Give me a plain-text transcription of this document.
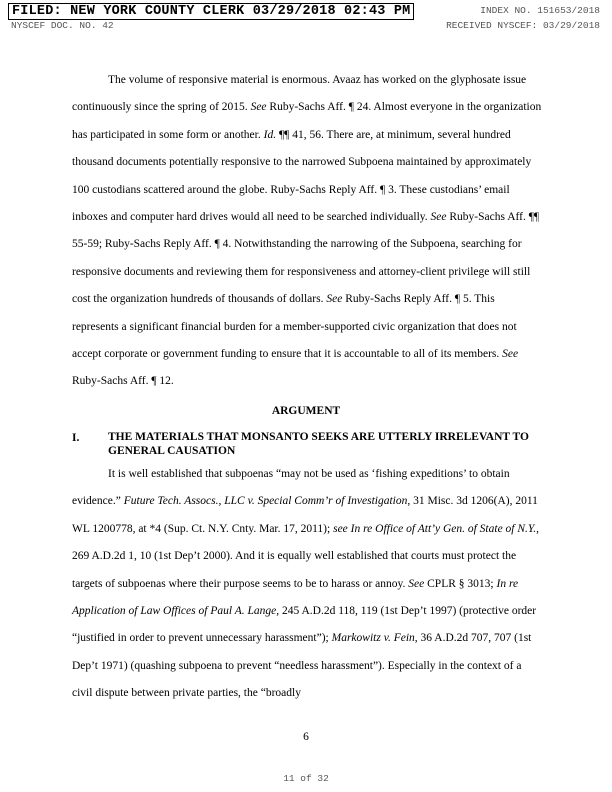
FILED: NEW YORK COUNTY CLERK 03/29/2018 02:43 PM	INDEX NO. 151653/2018
NYSCEF DOC. NO. 42	RECEIVED NYSCEF: 03/29/2018

The volume of responsive material is enormous. Avaaz has worked on the glyphosate issue continuously since the spring of 2015. See Ruby-Sachs Aff. ¶ 24. Almost everyone in the organization has participated in some form or another. Id. ¶¶ 41, 56. There are, at minimum, several hundred thousand documents potentially responsive to the narrowed Subpoena maintained by approximately 100 custodians scattered around the globe. Ruby-Sachs Reply Aff. ¶ 3. These custodians’ email inboxes and computer hard drives would all need to be searched individually. See Ruby-Sachs Aff. ¶¶ 55-59; Ruby-Sachs Reply Aff. ¶ 4. Notwithstanding the narrowing of the Subpoena, searching for responsive documents and reviewing them for responsiveness and attorney-client privilege will still cost the organization hundreds of thousands of dollars. See Ruby-Sachs Reply Aff. ¶ 5. This represents a significant financial burden for a member-supported civic organization that does not accept corporate or government funding to ensure that it is accountable to all of its members. See Ruby-Sachs Aff. ¶ 12.

ARGUMENT
I. THE MATERIALS THAT MONSANTO SEEKS ARE UTTERLY IRRELEVANT TO GENERAL CAUSATION

It is well established that subpoenas “may not be used as ‘fishing expeditions’ to obtain evidence.” Future Tech. Assocs., LLC v. Special Comm’r of Investigation, 31 Misc. 3d 1206(A), 2011 WL 1200778, at *4 (Sup. Ct. N.Y. Cnty. Mar. 17, 2011); see In re Office of Att’y Gen. of State of N.Y., 269 A.D.2d 1, 10 (1st Dep’t 2000). And it is equally well established that courts must protect the targets of subpoenas where their purpose seems to be to harass or annoy. See CPLR § 3013; In re Application of Law Offices of Paul A. Lange, 245 A.D.2d 118, 119 (1st Dep’t 1997) (protective order “justified in order to prevent unnecessary harassment”); Markowitz v. Fein, 36 A.D.2d 707, 707 (1st Dep’t 1971) (quashing subpoena to prevent “needless harassment”). Especially in the context of a civil dispute between private parties, the “broadly

6
11 of 32
